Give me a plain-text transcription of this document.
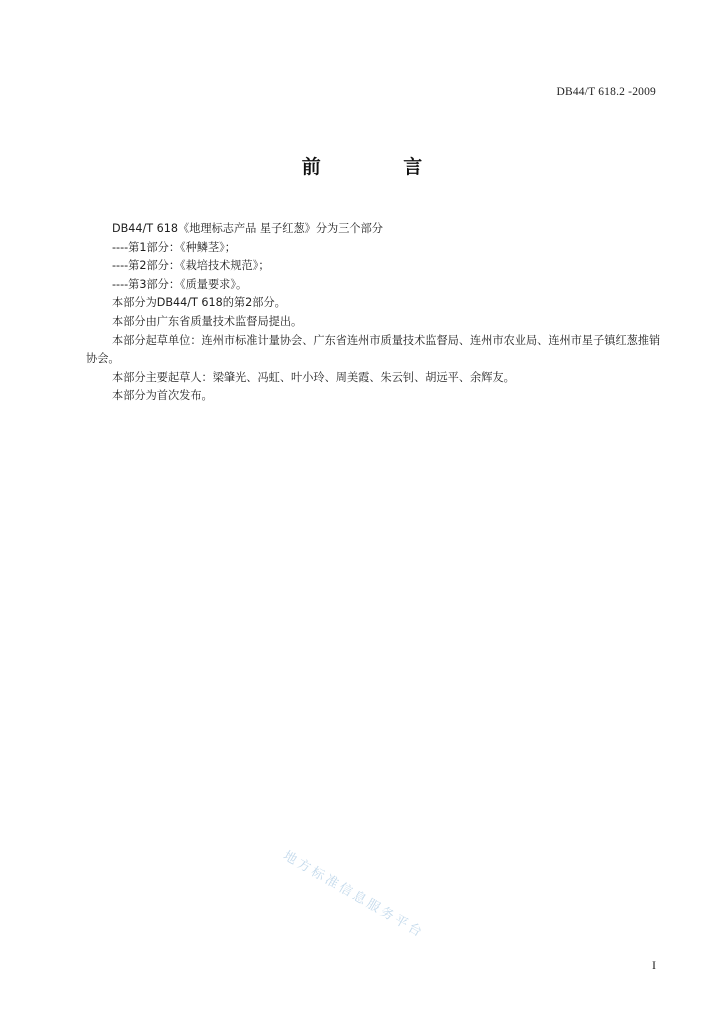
DB44/T 618.2 -2009
前 言
DB44/T 618《地理标志产品 星子红葱》分为三个部分
----第1部分：《种鳞茎》；
----第2部分：《栽培技术规范》；
----第3部分：《质量要求》。
本部分为DB44/T 618的第2部分。
本部分由广东省质量技术监督局提出。
本部分起草单位：连州市标准计量协会、广东省连州市质量技术监督局、连州市农业局、连州市星子镇红葱推销协会。
本部分主要起草人：梁肇光、冯虹、叶小玲、周美霞、朱云钊、胡远平、余辉友。
本部分为首次发布。
地方标准信息服务平台
I
